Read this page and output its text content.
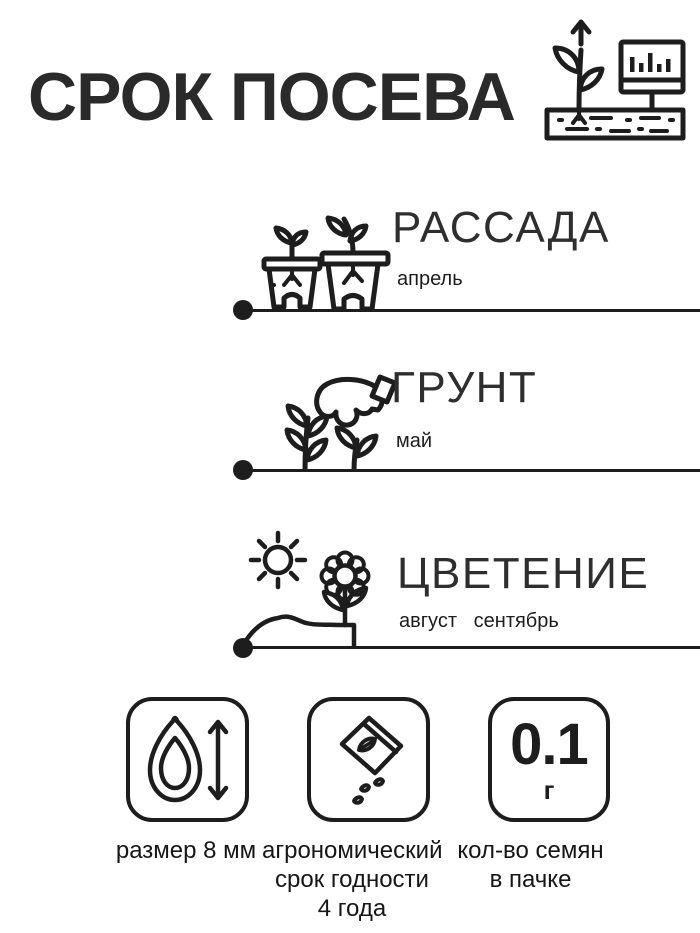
СРОК ПОСЕВА
РАССАДА
апрель
ГРУНТ
май
ЦВЕТЕНИЕ
август   сентябрь
0.1
г
размер 8 мм агрономический
срок годности
4 года
кол-во семян
в пачке
